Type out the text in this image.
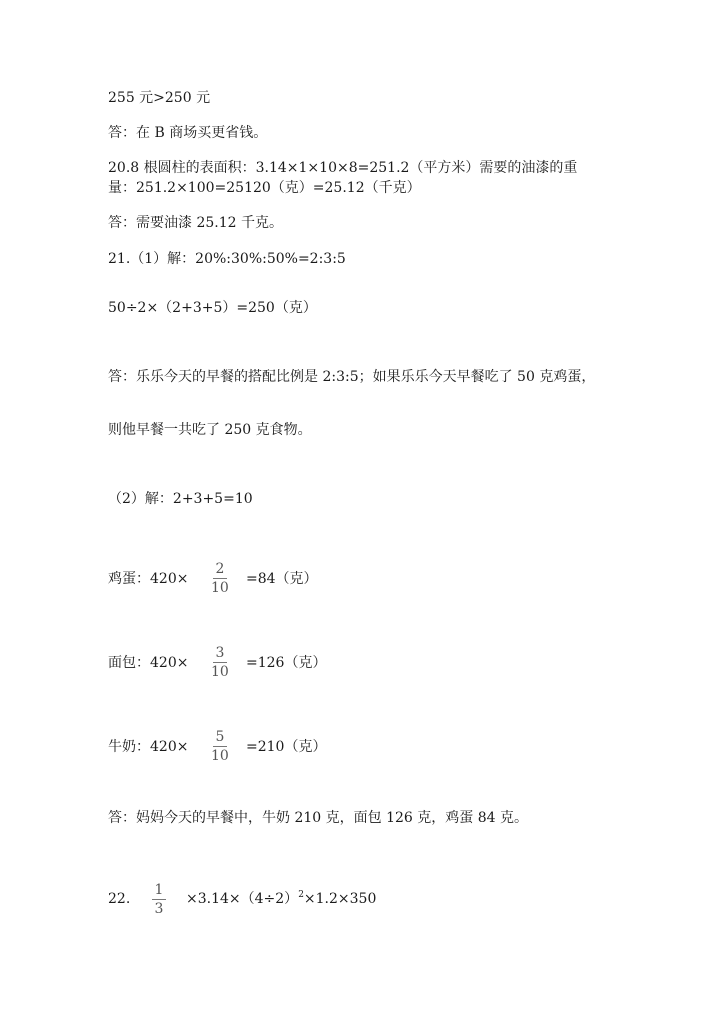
255 元>250 元
答：在 B 商场买更省钱。
20.8 根圆柱的表面积：3.14×1×10×8=251.2（平方米）需要的油漆的重
量：251.2×100=25120（克）=25.12（千克）
答：需要油漆 25.12 千克。
21.（1）解：20%:30%:50%=2:3:5
50÷2×（2+3+5）=250（克）
答：乐乐今天的早餐的搭配比例是 2:3:5；如果乐乐今天早餐吃了 50 克鸡蛋，
则他早餐一共吃了 250 克食物。
（2）解：2+3+5=10
鸡蛋：420×
2
10
=84（克）
面包：420×
3
10
=126（克）
牛奶：420×
5
10
=210（克）
答：妈妈今天的早餐中，牛奶 210 克，面包 126 克，鸡蛋 84 克。
22.
1
3
$\times 3.14\times(4\div 2)^2\times 1.2\times 350$
